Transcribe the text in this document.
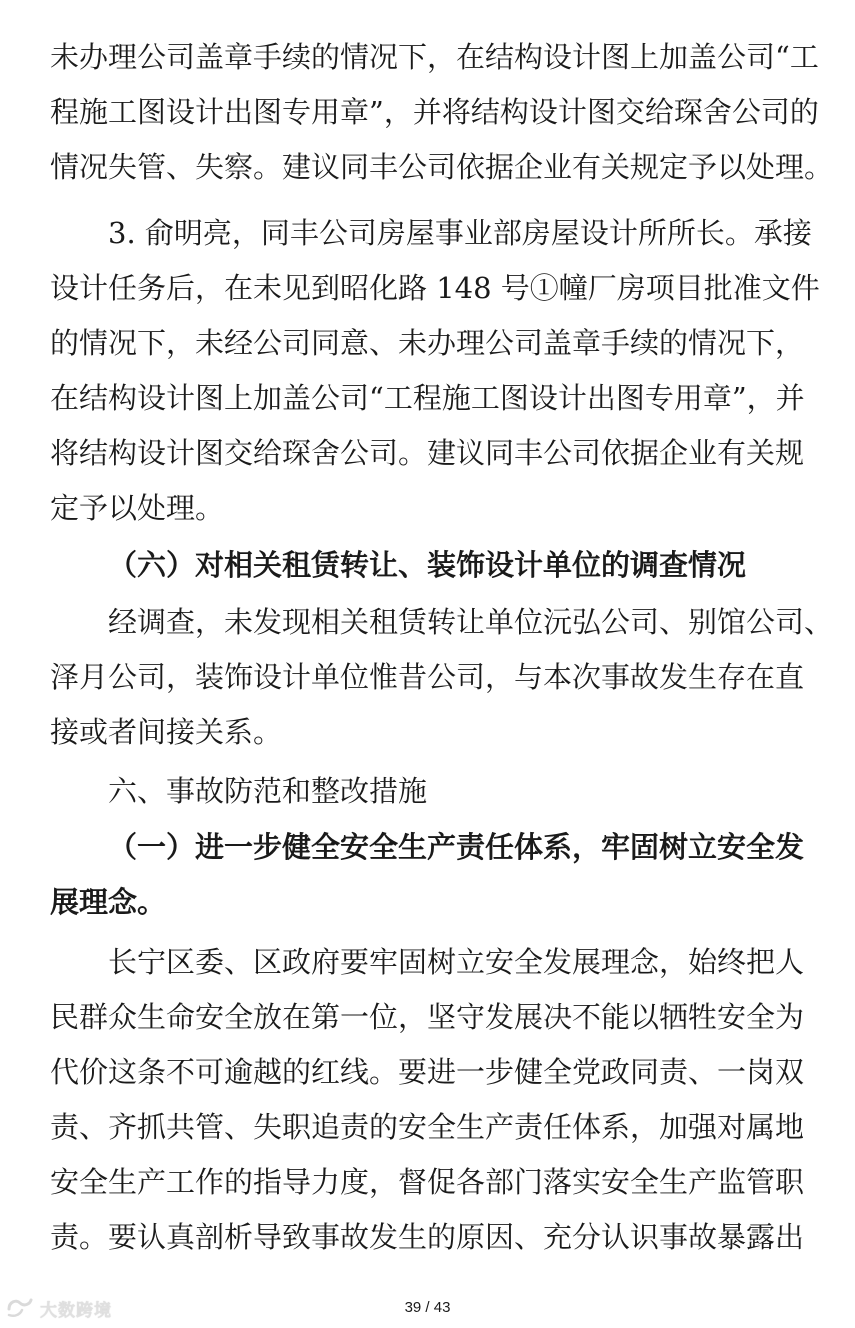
未办理公司盖章手续的情况下，在结构设计图上加盖公司“工
程施工图设计出图专用章”，并将结构设计图交给琛舍公司的
情况失管、失察。建议同丰公司依据企业有关规定予以处理。
3. 俞明亮，同丰公司房屋事业部房屋设计所所长。承接
设计任务后，在未见到昭化路 148 号①幢厂房项目批准文件
的情况下，未经公司同意、未办理公司盖章手续的情况下，
在结构设计图上加盖公司“工程施工图设计出图专用章”，并
将结构设计图交给琛舍公司。建议同丰公司依据企业有关规
定予以处理。
（六）对相关租赁转让、装饰设计单位的调查情况
经调查，未发现相关租赁转让单位沅弘公司、别馆公司、
泽月公司，装饰设计单位惟昔公司，与本次事故发生存在直
接或者间接关系。
六、事故防范和整改措施
（一）进一步健全安全生产责任体系，牢固树立安全发
展理念。
长宁区委、区政府要牢固树立安全发展理念，始终把人
民群众生命安全放在第一位，坚守发展决不能以牺牲安全为
代价这条不可逾越的红线。要进一步健全党政同责、一岗双
责、齐抓共管、失职追责的安全生产责任体系，加强对属地
安全生产工作的指导力度，督促各部门落实安全生产监管职
责。要认真剖析导致事故发生的原因、充分认识事故暴露出
39 / 43
大数跨境
